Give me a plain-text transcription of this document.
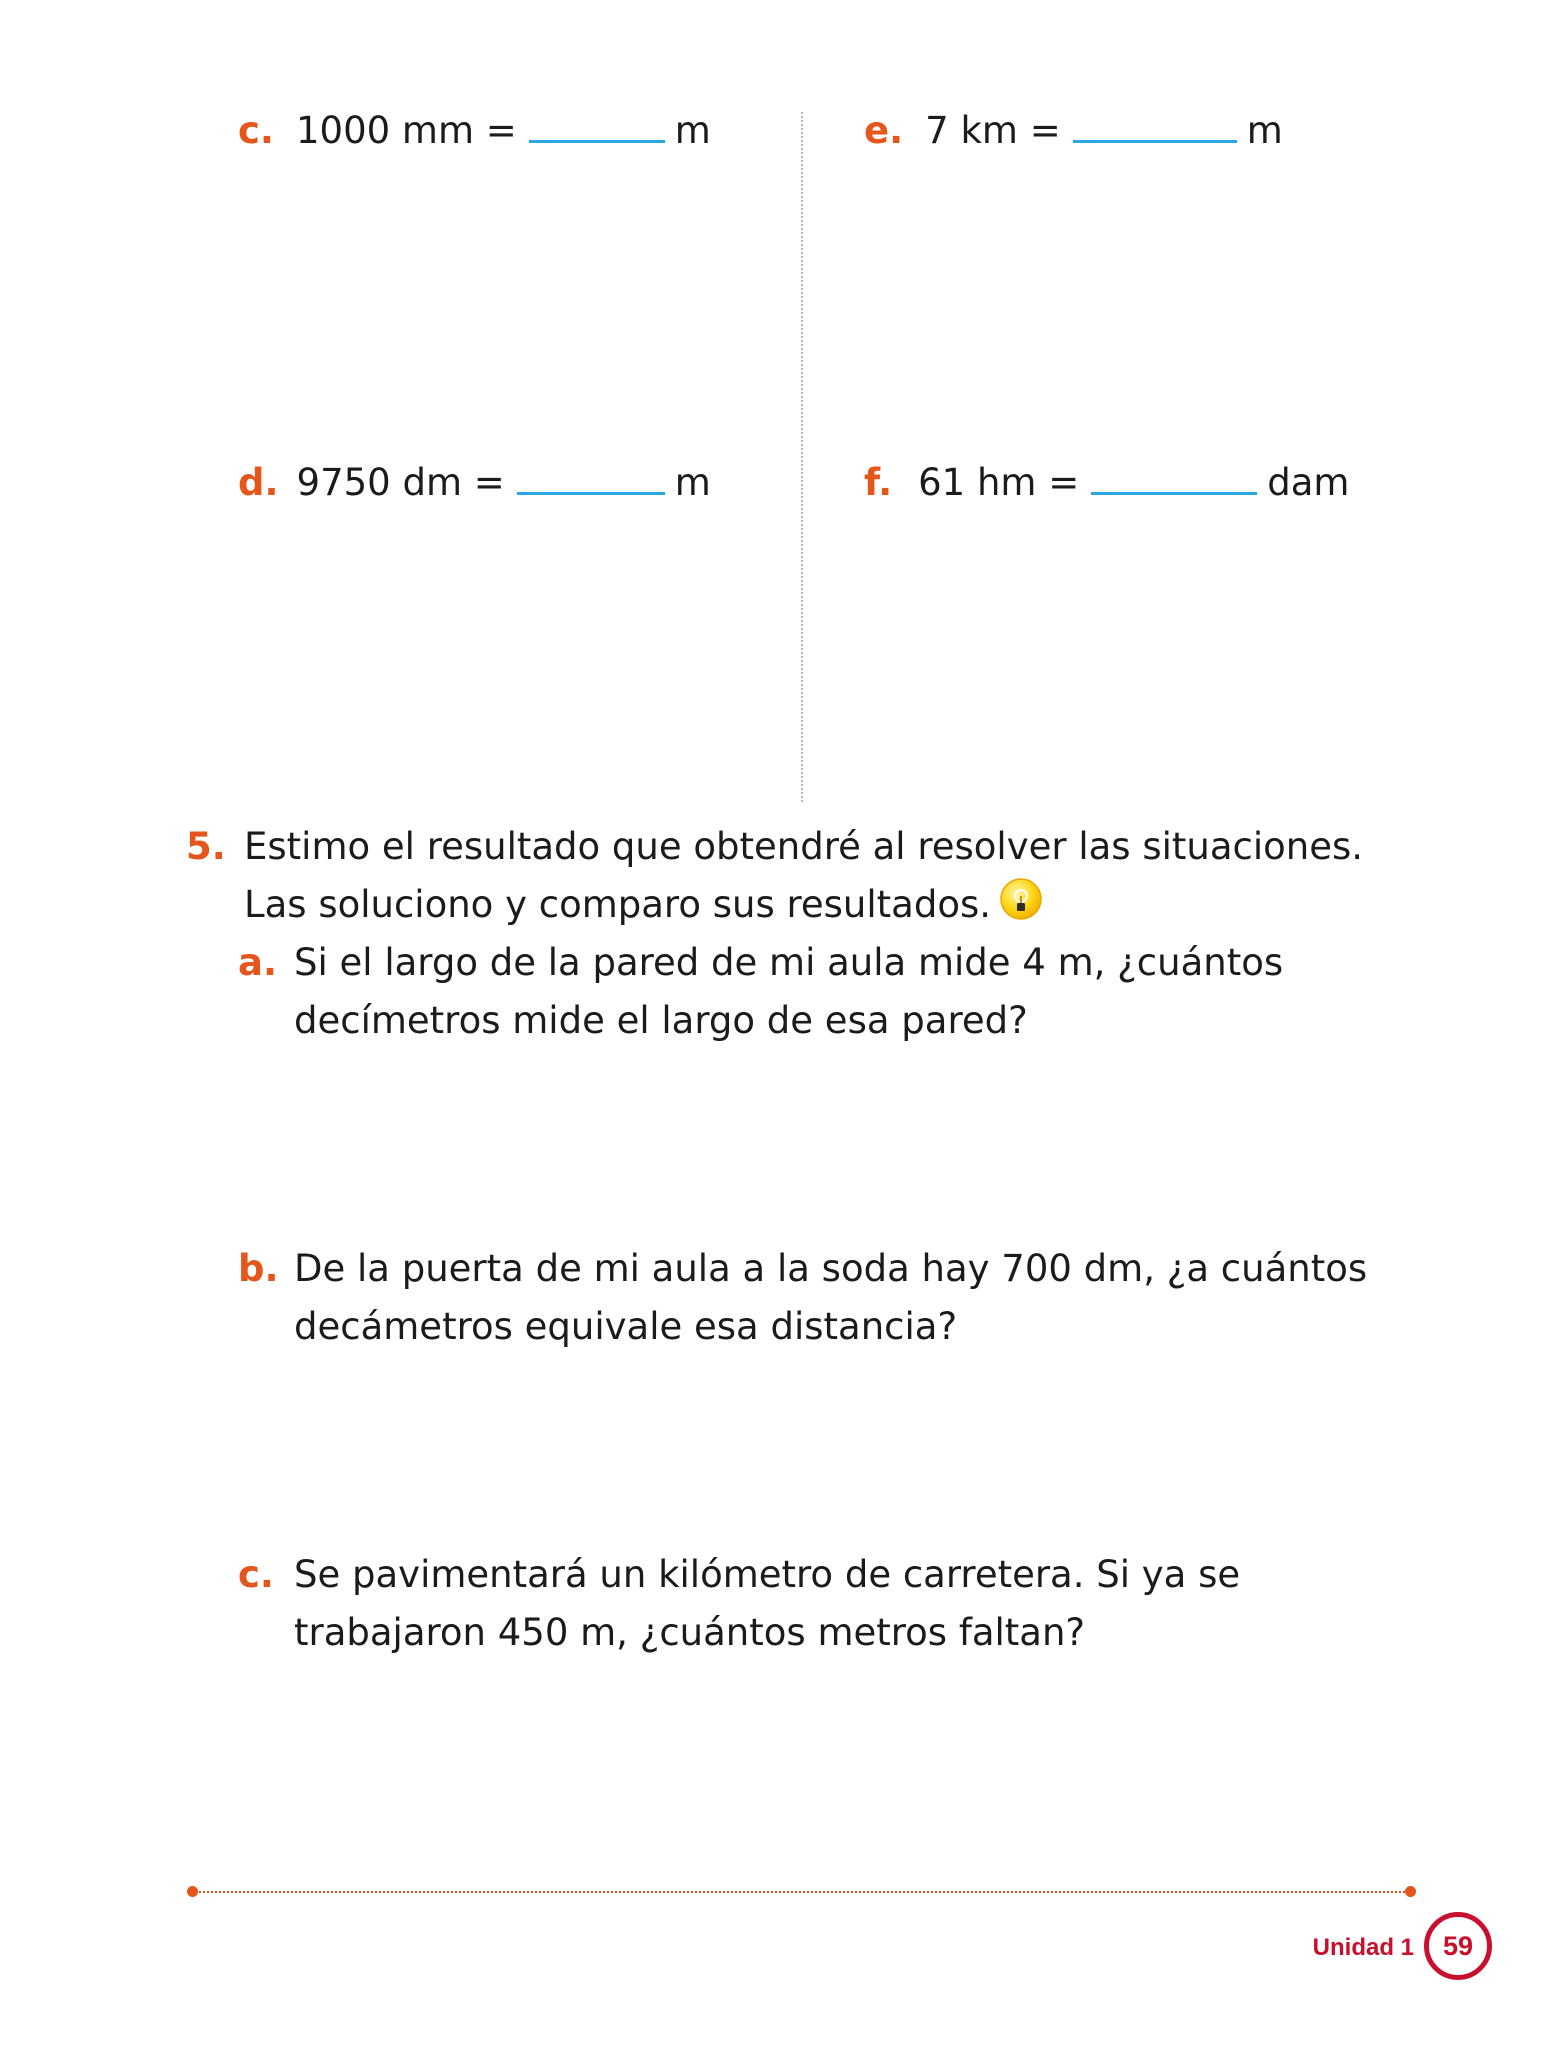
c. 1000 mm =	m
d. 9750 dm =	m
e. 7 km =	m
f. 61 hm =	dam
5. Estimo el resultado que obtendré al resolver las situaciones. Las soluciono y comparo sus resultados.
a. Si el largo de la pared de mi aula mide 4 m, ¿cuántos decímetros mide el largo de esa pared?
b. De la puerta de mi aula a la soda hay 700 dm, ¿a cuántos decámetros equivale esa distancia?
c. Se pavimentará un kilómetro de carretera. Si ya se trabajaron 450 m, ¿cuántos metros faltan?
Unidad 1 59
